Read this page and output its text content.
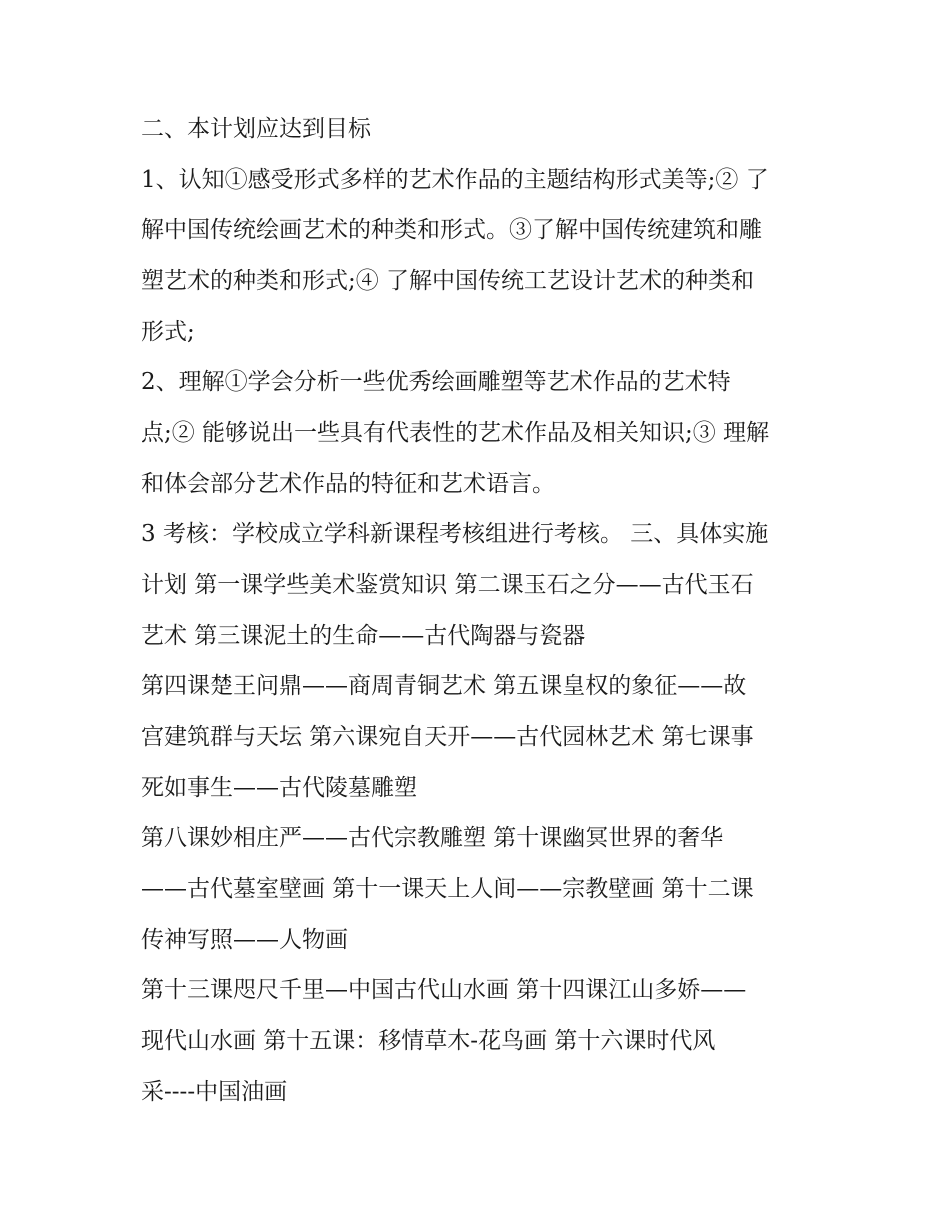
二、本计划应达到目标
1、认知①感受形式多样的艺术作品的主题结构形式美等;② 了
解中国传统绘画艺术的种类和形式。③了解中国传统建筑和雕
塑艺术的种类和形式;④ 了解中国传统工艺设计艺术的种类和
形式;
2、理解①学会分析一些优秀绘画雕塑等艺术作品的艺术特
点;② 能够说出一些具有代表性的艺术作品及相关知识;③ 理解
和体会部分艺术作品的特征和艺术语言。
3 考核：学校成立学科新课程考核组进行考核。 三、具体实施
计划 第一课学些美术鉴赏知识 第二课玉石之分——古代玉石
艺术 第三课泥土的生命——古代陶器与瓷器
第四课楚王问鼎——商周青铜艺术 第五课皇权的象征——故
宫建筑群与天坛 第六课宛自天开——古代园林艺术 第七课事
死如事生——古代陵墓雕塑
第八课妙相庄严——古代宗教雕塑 第十课幽冥世界的奢华
——古代墓室壁画 第十一课天上人间——宗教壁画 第十二课
传神写照——人物画
第十三课咫尺千里—中国古代山水画 第十四课江山多娇——
现代山水画 第十五课：移情草木-花鸟画 第十六课时代风
采----中国油画
